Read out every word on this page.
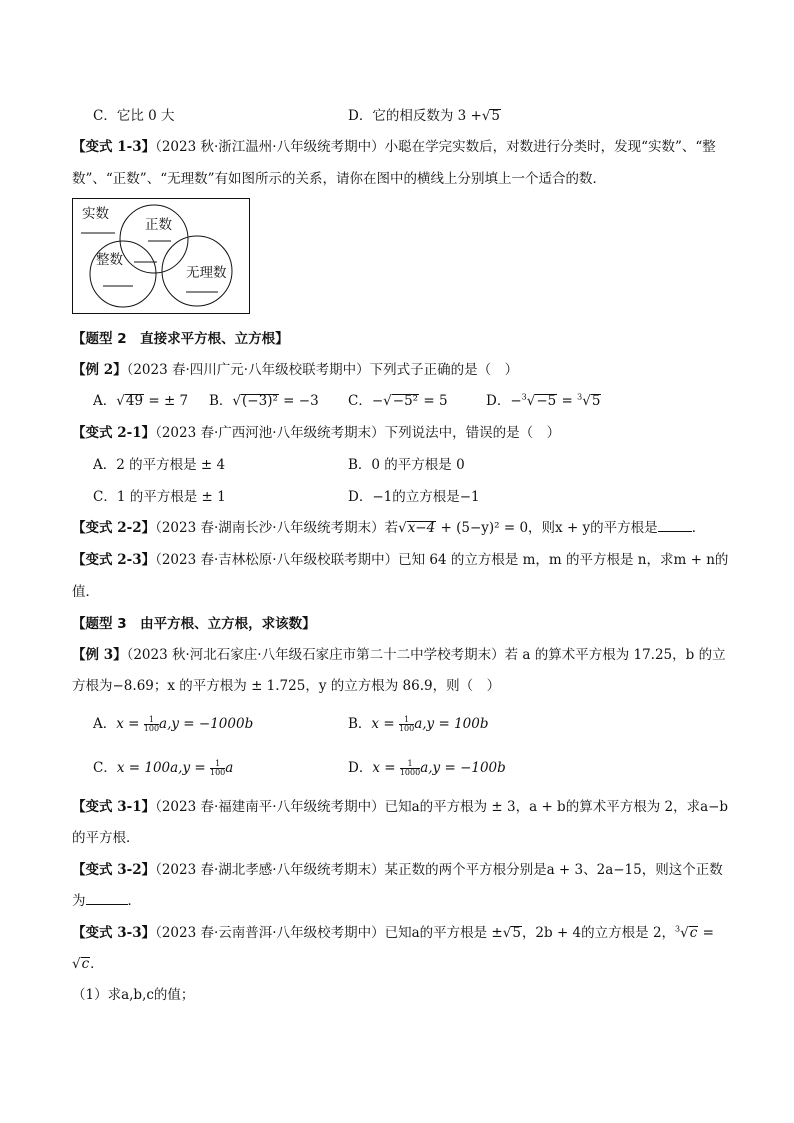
C．它比 0 大	D．它的相反数为 3 +√5
【变式 1-3】（2023 秋·浙江温州·八年级统考期中）小聪在学完实数后，对数进行分类时，发现“实数”、“整
数”、“正数”、“无理数”有如图所示的关系，请你在图中的横线上分别填上一个适合的数．
实数
正数
整数
无理数
【题型 2　直接求平方根、立方根】
【例 2】（2023 春·四川广元·八年级校联考期中）下列式子正确的是（　）
A．√49 = ± 7 B．√(−3)² = −3 C．−√−5² = 5	D．−$^3$√−5 = $^3$√5
【变式 2-1】（2023 春·广西河池·八年级统考期末）下列说法中，错误的是（　）
A．2 的平方根是 ± 4	B．0 的平方根是 0
C．1 的平方根是 ± 1	D．−1的立方根是−1
【变式 2-2】（2023 春·湖南长沙·八年级统考期末）若√x−4 + (5−y)² = 0，则x + y的平方根是	．
【变式 2-3】（2023 春·吉林松原·八年级校联考期中）已知 64 的立方根是 m，m 的平方根是 n，求m + n的
值．
【题型 3　由平方根、立方根，求该数】
【例 3】（2023 秋·河北石家庄·八年级石家庄市第二十二中学校考期末）若 a 的算术平方根为 17.25，b 的立
方根为−8.69；x 的平方根为 ± 1.725，y 的立方根为 86.9，则（　）
A．$x = \frac{1}{100} a,y = -1000b$	B．$x = \frac{1}{100} a,y = 100b$
C．$x = 100a,y = \frac{1}{100}$ a	D．$x = \frac{1}{1000} a,y = -100b$
【变式 3-1】（2023 春·福建南平·八年级统考期中）已知a的平方根为 ± 3，a + b的算术平方根为 2，求a−b
的平方根．
【变式 3-2】（2023 春·湖北孝感·八年级统考期末）某正数的两个平方根分别是a + 3、2a−15，则这个正数
为	．
【变式 3-3】（2023 春·云南普洱·八年级校考期中）已知a的平方根是 ±√5，2b + 4的立方根是 2，$^3$√c =
√c．
（1）求a,b,c的值；
